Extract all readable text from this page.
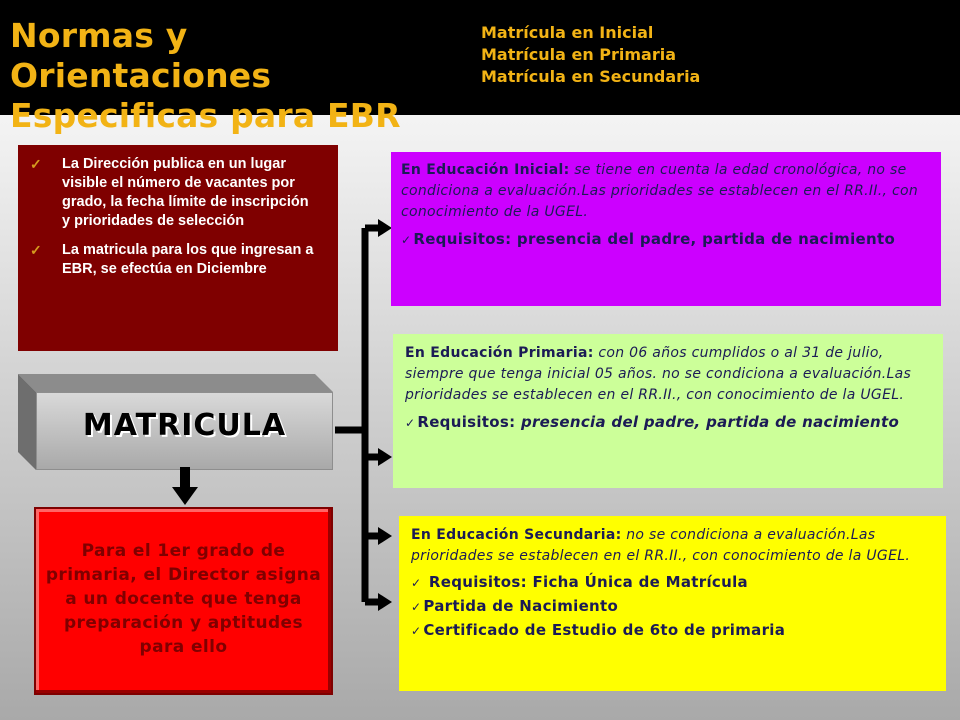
Normas y Orientaciones
Especificas para EBR
Matrícula en Inicial
Matrícula en Primaria
Matrícula en Secundaria
✓	La Dirección publica en un lugar visible el número de vacantes por grado, la fecha límite de inscripción y prioridades de selección
✓	La matricula para los que ingresan a EBR, se efectúa en Diciembre
MATRICULA
Para el 1er grado de primaria, el Director asigna a un docente que tenga preparación y aptitudes para ello

En Educación Inicial: se tiene en cuenta la edad cronológica, no se condiciona a evaluación.Las prioridades se establecen en el RR.II., con conocimiento de la UGEL.

✓ Requisitos: presencia del padre, partida de nacimiento

En Educación Primaria: con 06 años cumplidos o al 31 de julio, siempre que tenga inicial 05 años. no se condiciona a evaluación.Las prioridades se establecen en el RR.II., con conocimiento de la UGEL.

✓ Requisitos: presencia del padre, partida de nacimiento

En Educación Secundaria: no se condiciona a evaluación.Las prioridades se establecen en el RR.II., con conocimiento de la UGEL.

✓ Requisitos: Ficha Única de Matrícula
✓ Partida de Nacimiento
✓ Certificado de Estudio de 6to de primaria
